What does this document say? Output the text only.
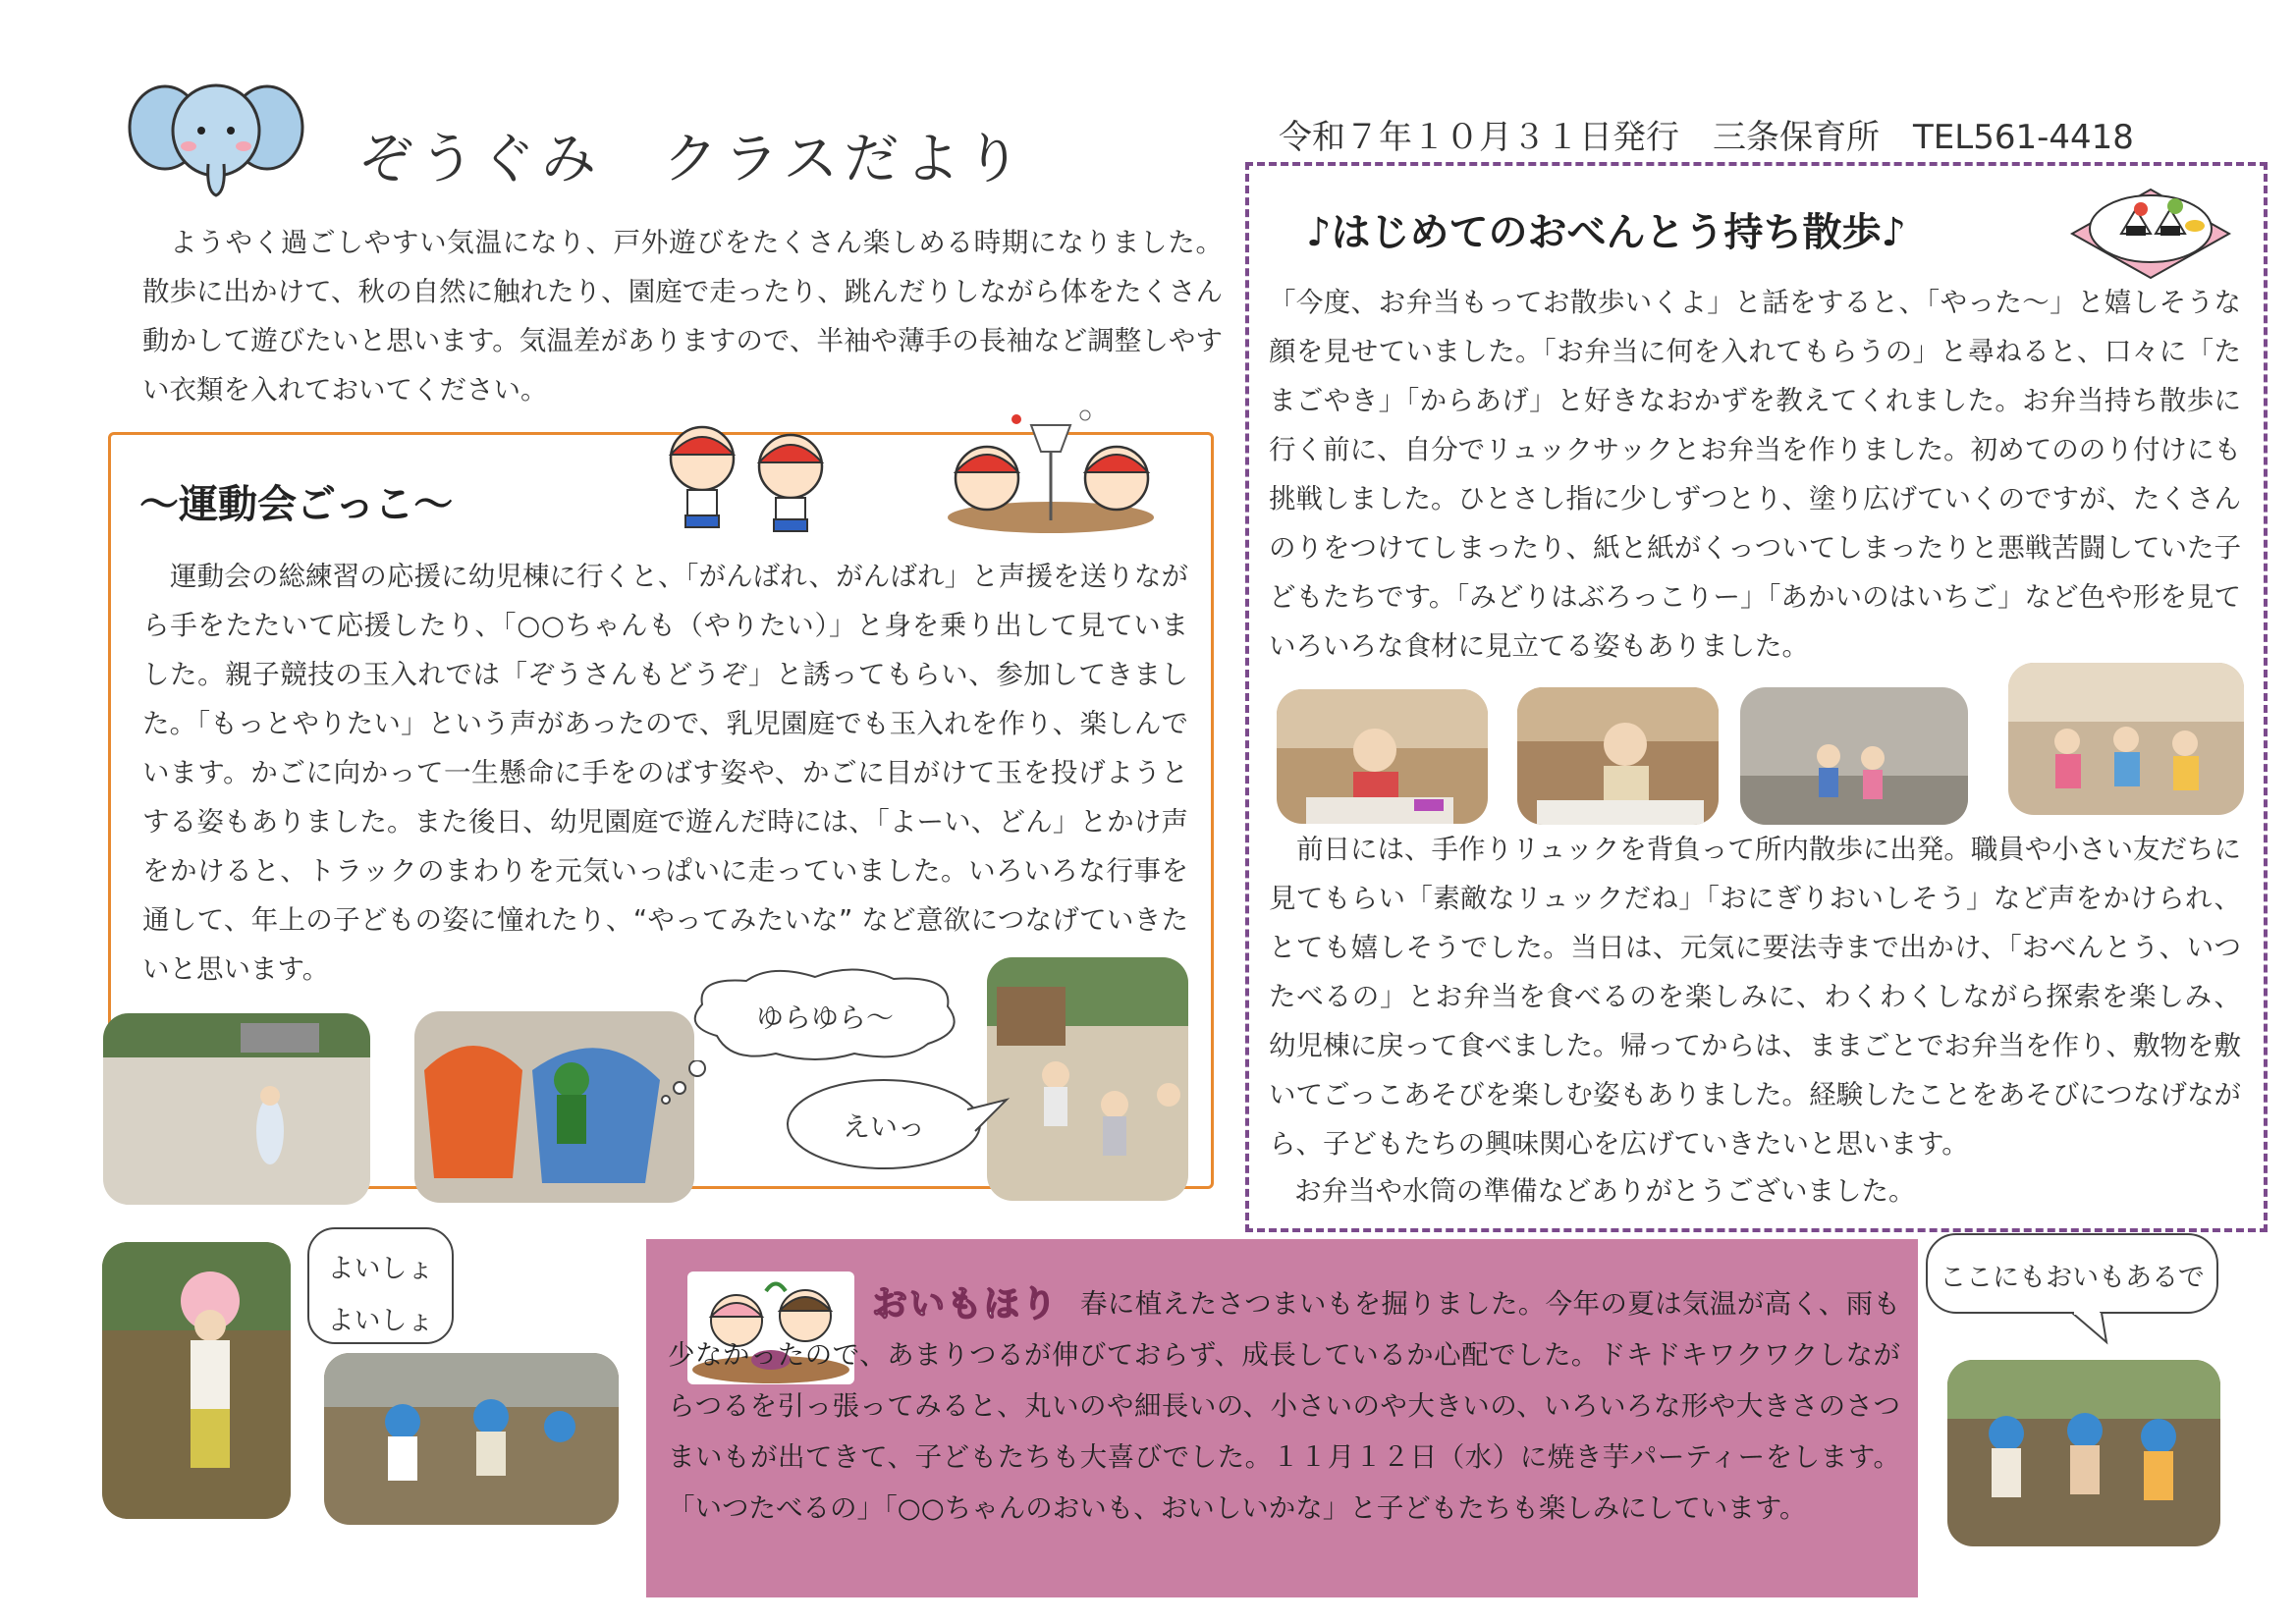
ぞうぐみ　クラスだより	令和７年１０月３１日発行　三条保育所　TEL561-4418

ようやく過ごしやすい気温になり、戸外遊びをたくさん楽しめる時期になりました。散歩に出かけて、秋の自然に触れたり、園庭で走ったり、跳んだりしながら体をたくさん動かして遊びたいと思います。気温差がありますので、半袖や薄手の長袖など調整しやすい衣類を入れておいてください。

～運動会ごっこ～

運動会の総練習の応援に幼児棟に行くと、「がんばれ、がんばれ」と声援を送りながら手をたたいて応援したり、「○○ちゃんも（やりたい）」と身を乗り出して見ていました。親子競技の玉入れでは「ぞうさんもどうぞ」と誘ってもらい、参加してきました。「もっとやりたい」という声があったので、乳児園庭でも玉入れを作り、楽しんでいます。かごに向かって一生懸命に手をのばす姿や、かごに目がけて玉を投げようとする姿もありました。また後日、幼児園庭で遊んだ時には、「よーい、どん」とかけ声をかけると、トラックのまわりを元気いっぱいに走っていました。いろいろな行事を通して、年上の子どもの姿に憧れたり、“やってみたいな” など意欲につなげていきたいと思います。

ゆらゆら～
えいっ
♪はじめてのおべんとう持ち散歩♪

「今度、お弁当もってお散歩いくよ」と話をすると、「やった～」と嬉しそうな顔を見せていました。「お弁当に何を入れてもらうの」と尋ねると、口々に「たまごやき」「からあげ」と好きなおかずを教えてくれました。お弁当持ち散歩に行く前に、自分でリュックサックとお弁当を作りました。初めてののり付けにも挑戦しました。ひとさし指に少しずつとり、塗り広げていくのですが、たくさんのりをつけてしまったり、紙と紙がくっついてしまったりと悪戦苦闘していた子どもたちです。「みどりはぶろっこりー」「あかいのはいちご」など色や形を見ていろいろな食材に見立てる姿もありました。

前日には、手作りリュックを背負って所内散歩に出発。職員や小さい友だちに見てもらい「素敵なリュックだね」「おにぎりおいしそう」など声をかけられ、とても嬉しそうでした。当日は、元気に要法寺まで出かけ、「おべんとう、いつたべるの」とお弁当を食べるのを楽しみに、わくわくしながら探索を楽しみ、幼児棟に戻って食べました。帰ってからは、ままごとでお弁当を作り、敷物を敷いてごっこあそびを楽しむ姿もありました。経験したことをあそびにつなげながら、子どもたちの興味関心を広げていきたいと思います。

お弁当や水筒の準備などありがとうございました。
よいしょ
よいしょ	おいもほり 春に植えたさつまいもを掘りました。今年の夏は気温が高く、雨も少なかったので、あまりつるが伸びておらず、成長しているか心配でした。ドキドキワクワクしながらつるを引っ張ってみると、丸いのや細長いの、小さいのや大きいの、いろいろな形や大きさのさつまいもが出てきて、子どもたちも大喜びでした。１１月１２日（水）に焼き芋パーティーをします。「いつたべるの」「○○ちゃんのおいも、おいしいかな」と子どもたちも楽しみにしています。

ここにもおいもあるで
